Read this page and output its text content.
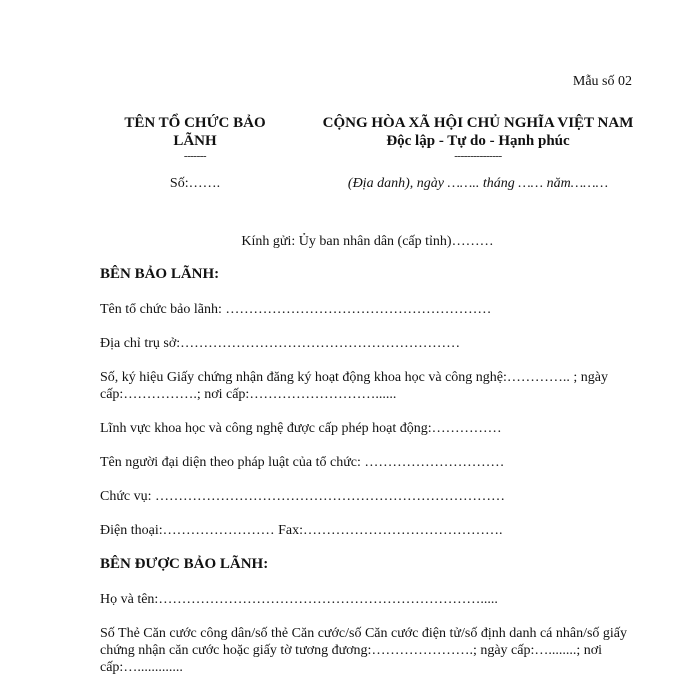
Mẫu số 02
TÊN TỔ CHỨC BẢO
LÃNH
-------
CỘNG HÒA XÃ HỘI CHỦ NGHĨA VIỆT NAM
Độc lập - Tự do - Hạnh phúc
---------------
Số:…….	(Địa danh), ngày …….. tháng …… năm………
Kính gửi: Ủy ban nhân dân (cấp tỉnh)………
BÊN BẢO LÃNH:
Tên tổ chức bảo lãnh: …………………………………………………
Địa chỉ trụ sở:……………………………………………………
Số, ký hiệu Giấy chứng nhận đăng ký hoạt động khoa học và công nghệ:………….. ; ngày cấp:…………….; nơi cấp:………………………......
Lĩnh vực khoa học và công nghệ được cấp phép hoạt động:……………
Tên người đại diện theo pháp luật của tổ chức: …………………………
Chức vụ: …………………………………………………………………
Điện thoại:…………………… Fax:…………………………………….
BÊN ĐƯỢC BẢO LÃNH:
Họ và tên:…………………………………………………………….....
Số Thẻ Căn cước công dân/số thẻ Căn cước/số Căn cước điện tử/số định danh cá nhân/số giấy chứng nhận căn cước hoặc giấy tờ tương đương:………………….; ngày cấp:…........; nơi cấp:….............
